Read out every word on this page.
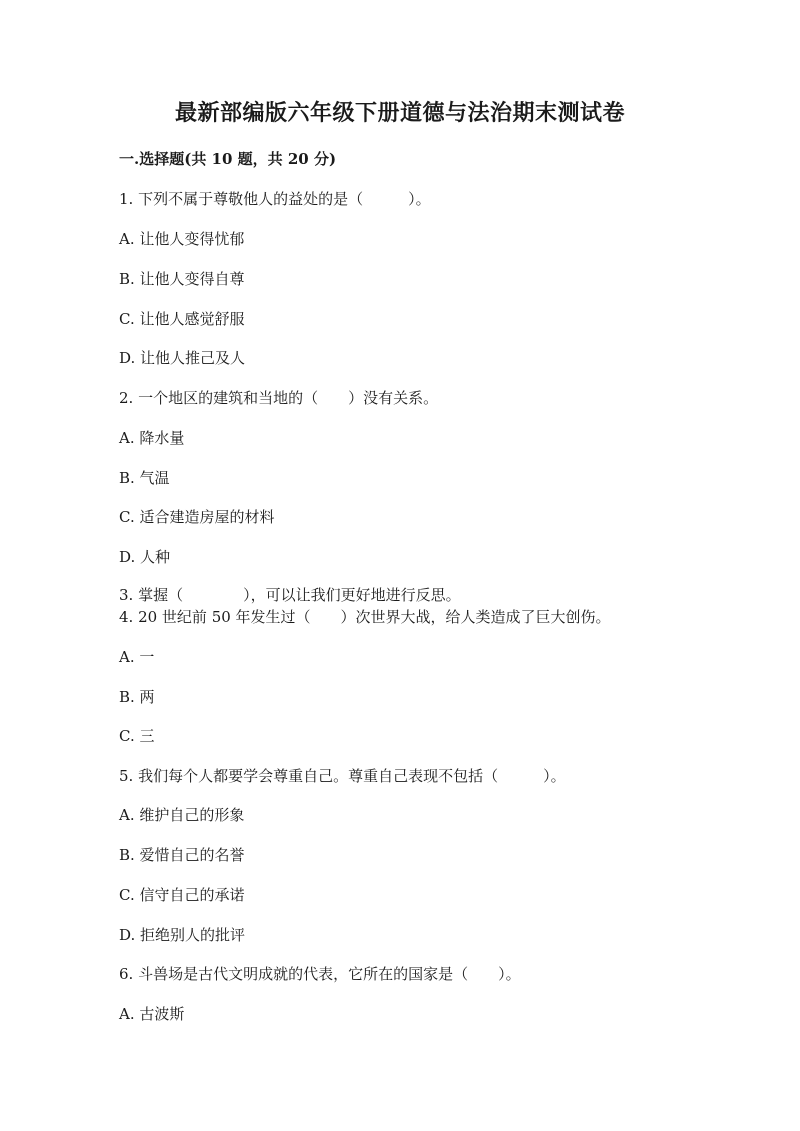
最新部编版六年级下册道德与法治期末测试卷
一.选择题(共 10 题，共 20 分)
1. 下列不属于尊敬他人的益处的是（　　　）。
A. 让他人变得忧郁
B. 让他人变得自尊
C. 让他人感觉舒服
D. 让他人推己及人
2. 一个地区的建筑和当地的（　　）没有关系。
A. 降水量
B. 气温
C. 适合建造房屋的材料
D. 人种
3. 掌握（　　　　），可以让我们更好地进行反思。
4. 20 世纪前 50 年发生过（　　）次世界大战，给人类造成了巨大创伤。
A. 一
B. 两
C. 三
5. 我们每个人都要学会尊重自己。尊重自己表现不包括（　　　）。
A. 维护自己的形象
B. 爱惜自己的名誉
C. 信守自己的承诺
D. 拒绝别人的批评
6. 斗兽场是古代文明成就的代表，它所在的国家是（　　）。
A. 古波斯
